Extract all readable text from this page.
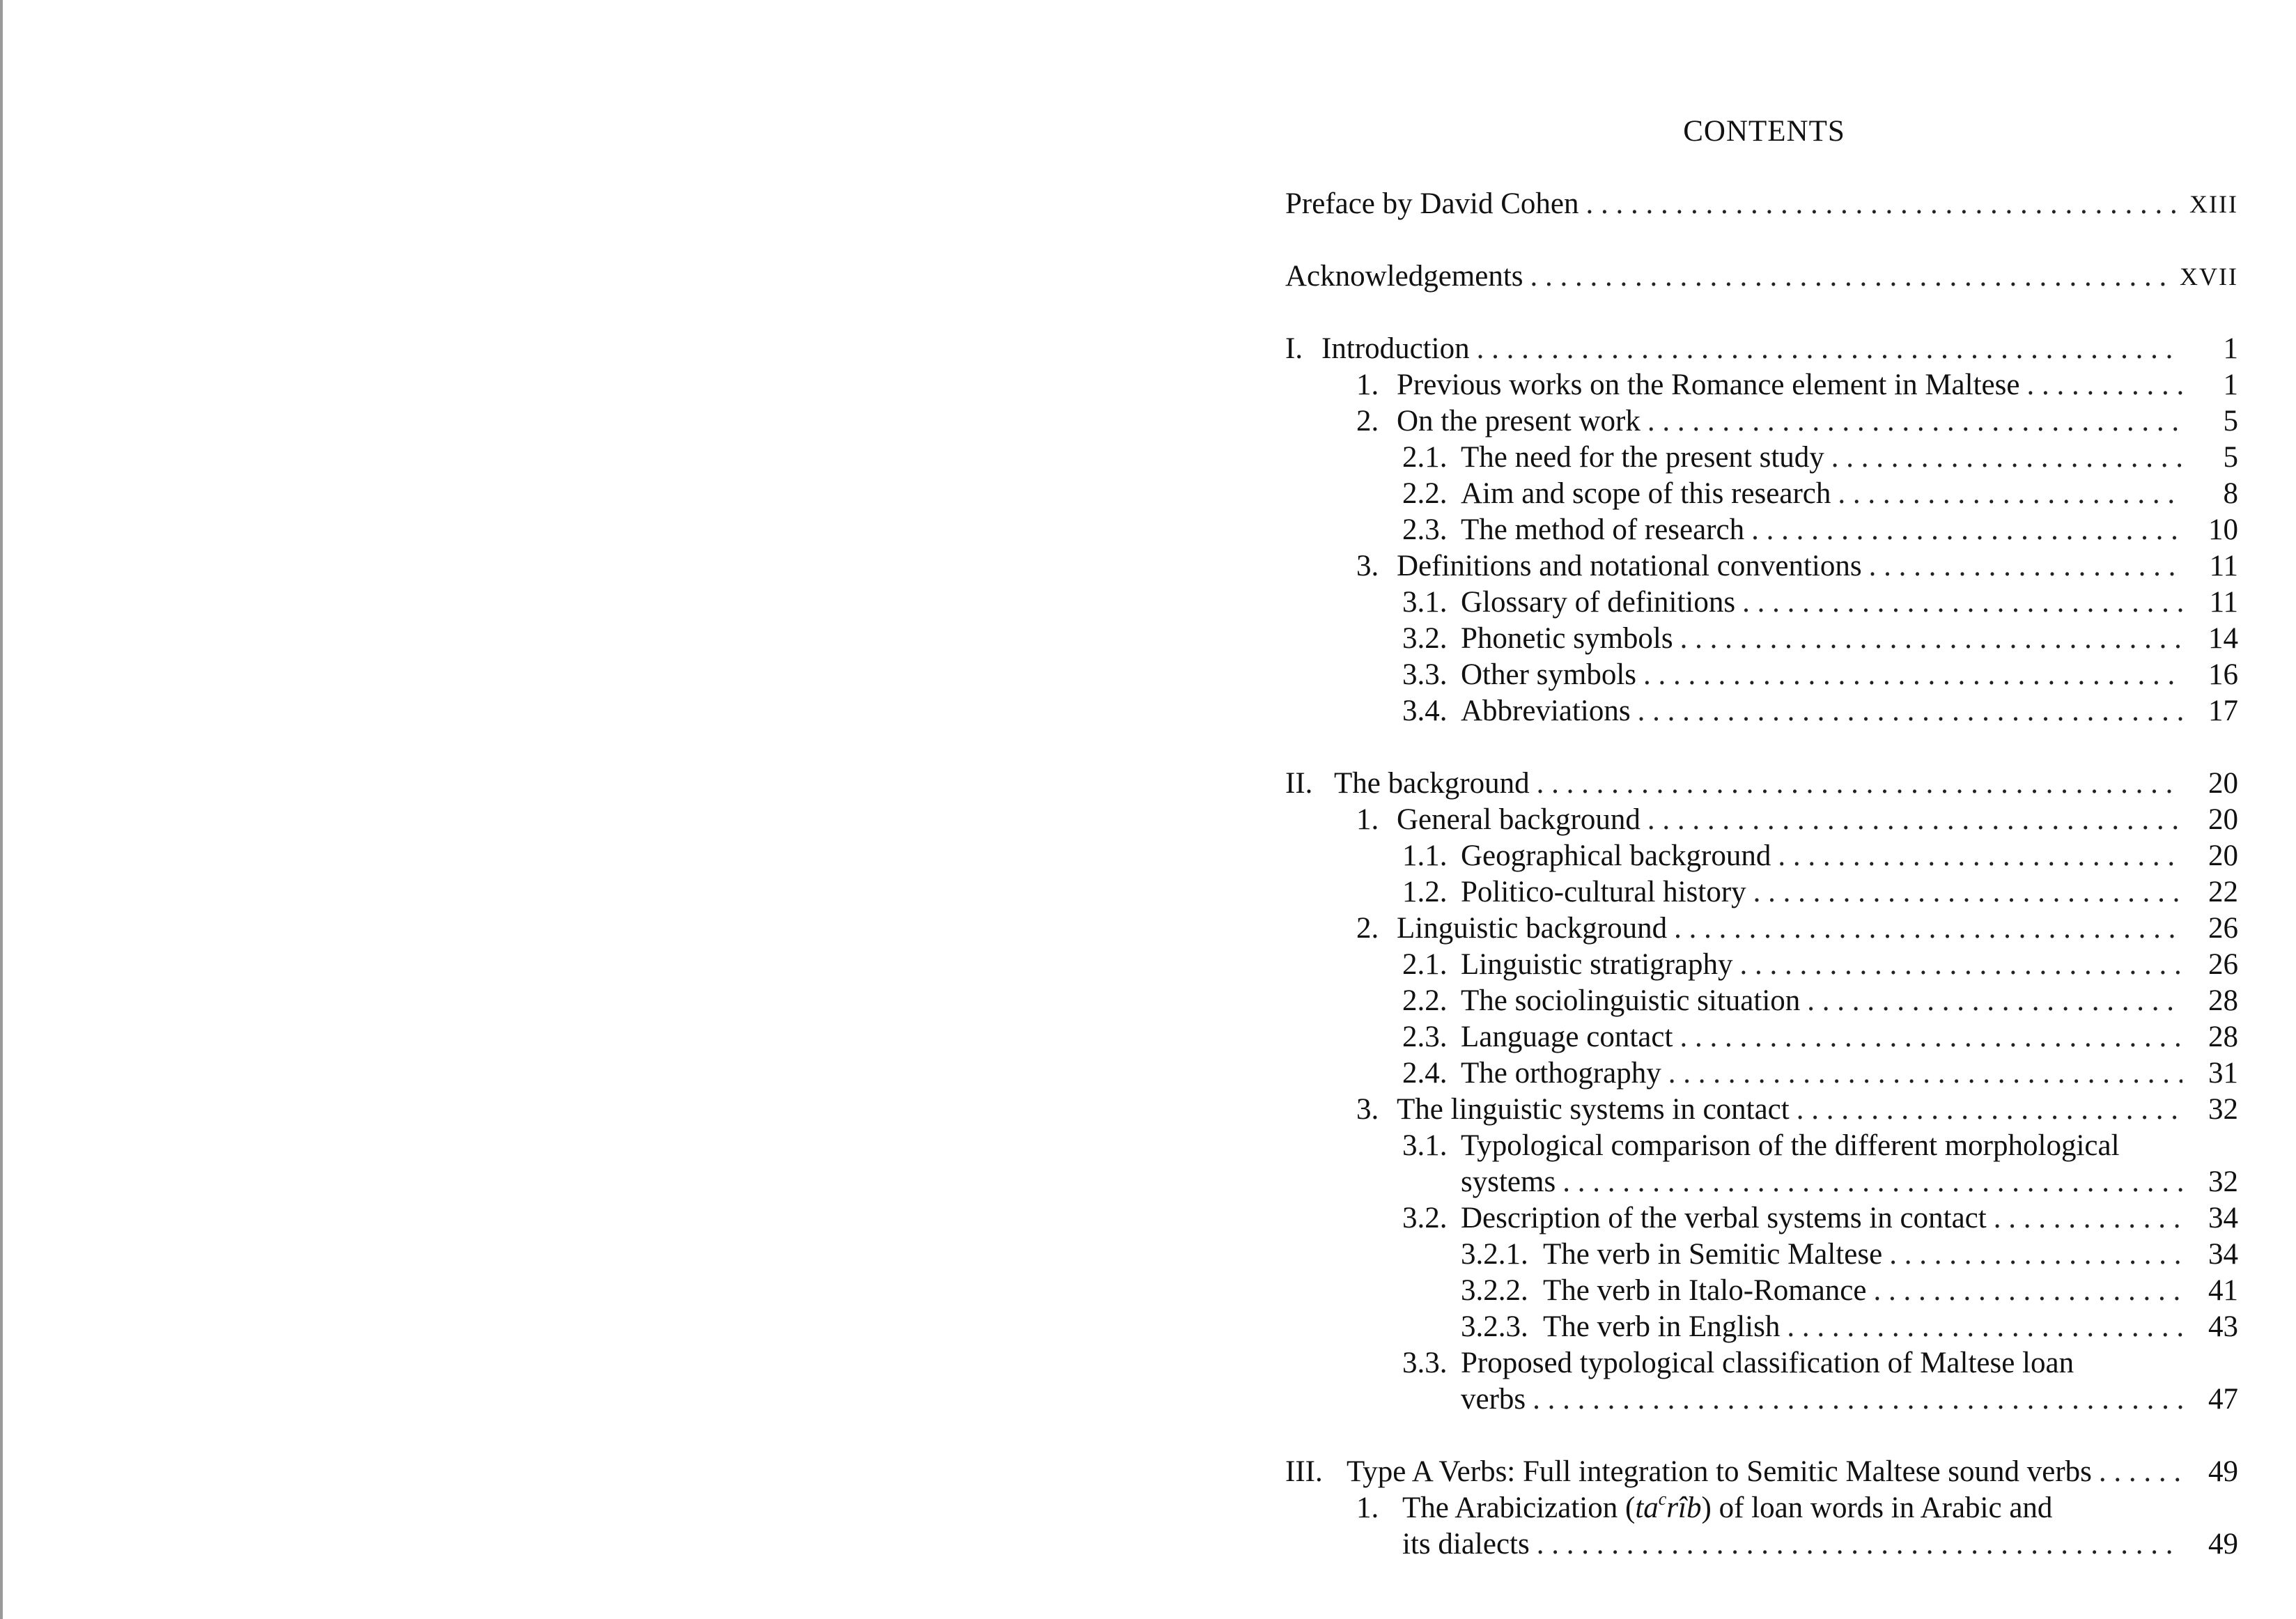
CONTENTS
Preface by David Cohen . . .	XIII
Acknowledgements . . .	XVII
I. Introduction . . .	1
1. Previous works on the Romance element in Maltese . . .	1
2. On the present work . . .	5
2.1. The need for the present study . . .	5
2.2. Aim and scope of this research . . .	8
2.3. The method of research . . .	10
3. Definitions and notational conventions . . .	11
3.1. Glossary of definitions . . .	11
3.2. Phonetic symbols . . .	14
3.3. Other symbols . . .	16
3.4. Abbreviations . . .	17
II. The background . . .	20
1. General background . . .	20
1.1. Geographical background . . .	20
1.2. Politico-cultural history . . .	22
2. Linguistic background . . .	26
2.1. Linguistic stratigraphy . . .	26
2.2. The sociolinguistic situation . . .	28
2.3. Language contact . . .	28
2.4. The orthography . . .	31
3. The linguistic systems in contact . . .	32
3.1. Typological comparison of the different morphological
systems . . .	32
3.2. Description of the verbal systems in contact . . .	34
3.2.1. The verb in Semitic Maltese . . .	34
3.2.2. The verb in Italo-Romance . . .	41
3.2.3. The verb in English . . .	43
3.3. Proposed typological classification of Maltese loan
verbs . . .	47
III. Type A Verbs: Full integration to Semitic Maltese sound verbs . . .	49
1. The Arabicization $(ta^crîb)$ of loan words in Arabic and
its dialects . . .	49
